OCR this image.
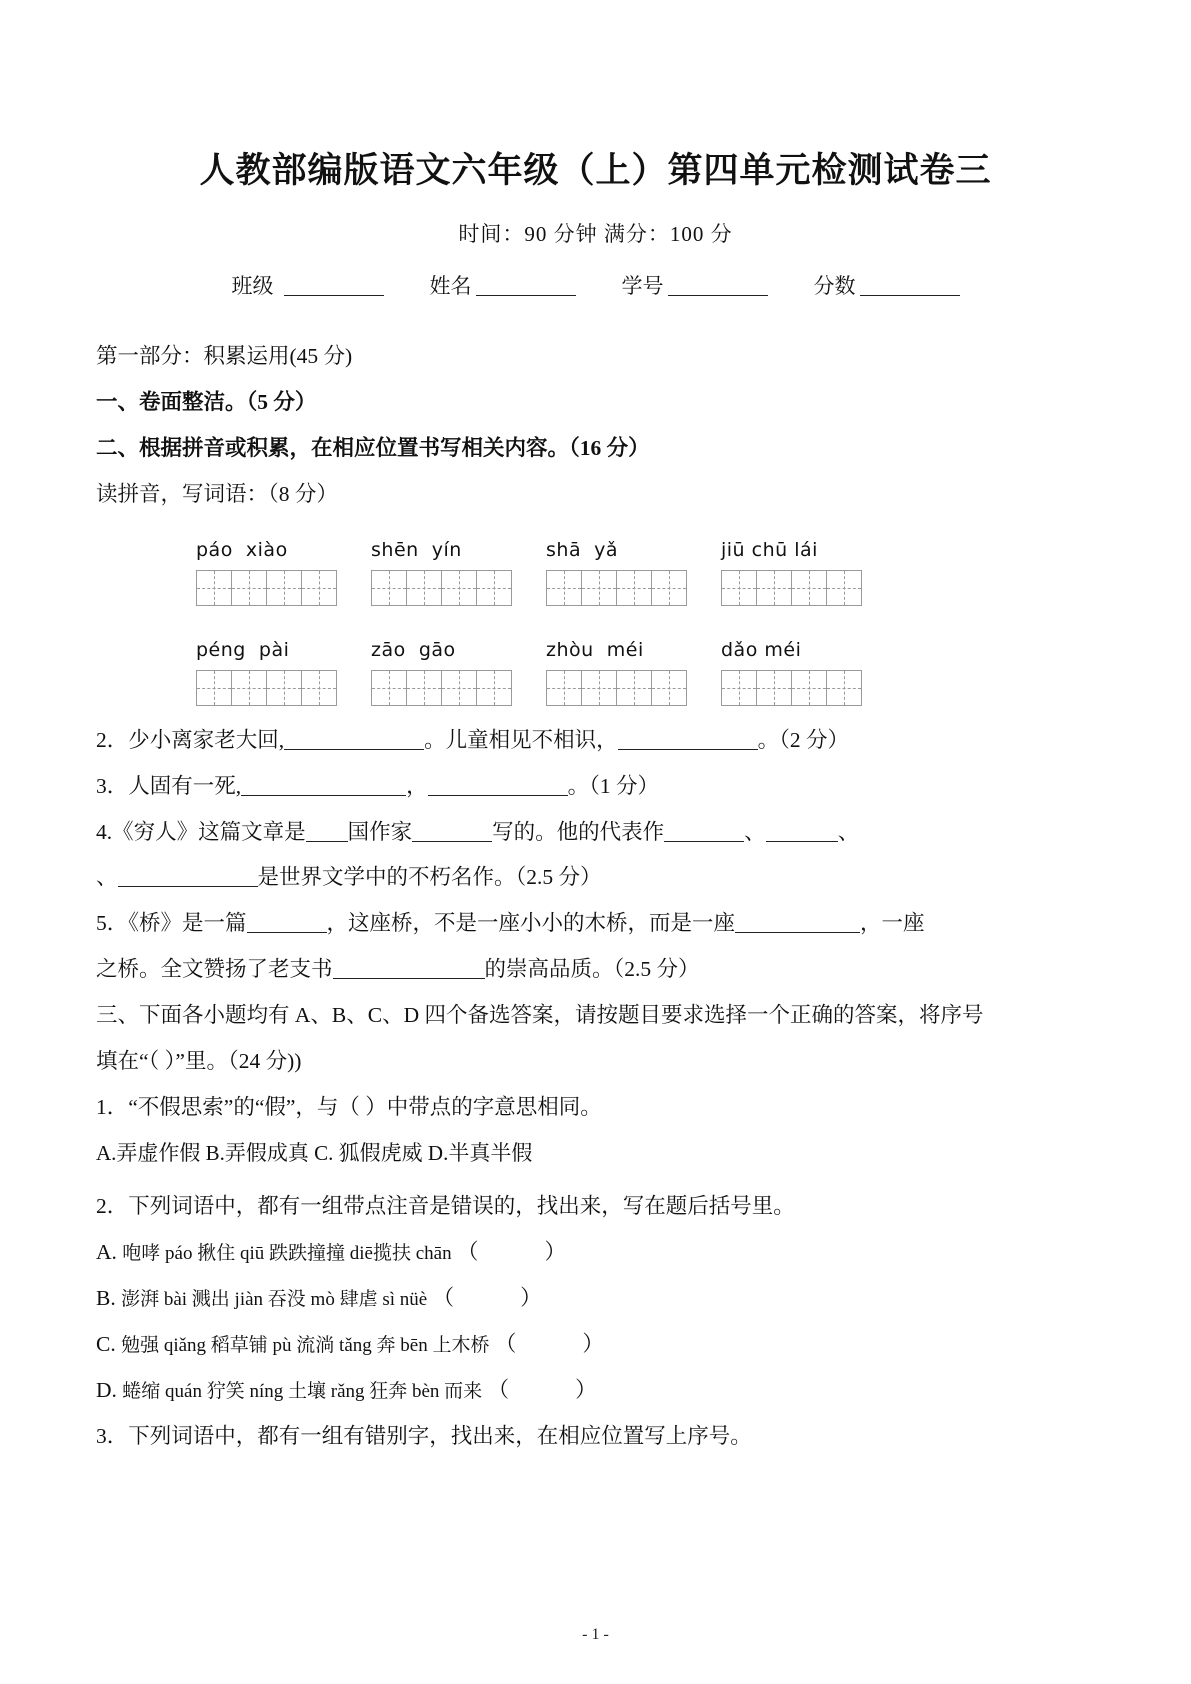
人教部编版语文六年级（上）第四单元检测试卷三
时间：90 分钟 满分：100 分
班级	姓名	学号	分数

第一部分：积累运用(45 分)

一、卷面整洁。（5 分）

二、根据拼音或积累，在相应位置书写相关内容。（16 分）

读拼音，写词语：（8 分）

páo  xiào	shēn  yín	shā  yǎ	jiū chū lái
péng  pài	zāo  gāo	zhòu  méi	dǎo méi

2．少小离家老大回,	。儿童相见不相识，	。（2 分）

3．人固有一死,	，	。（1 分）

4.《穷人》这篇文章是 国作家	写的。他的代表作	、	、

、	是世界文学中的不朽名作。（2.5 分）

5．《桥》是一篇	，这座桥，不是一座小小的木桥，而是一座	，一座

之桥。全文赞扬了老支书	的崇高品质。（2.5 分）

三、下面各小题均有 A、B、C、D 四个备选答案，请按题目要求选择一个正确的答案，将序号

填在“（ ）”里。（24 分))

1．“不假思索”的“假”，与（ ）中带点的字意思相同。

A.弄虚作假 B.弄假成真 C. 狐假虎威 D.半真半假

2．下列词语中，都有一组带点注音是错误的，找出来，写在题后括号里。

A. 咆哮 páo 揪住 qiū 跌跌撞撞 diē揽扶 chān （	）

B. 澎湃 bài 溅出 jiàn 吞没 mò 肆虐 sì nüè （	）

C. 勉强 qiǎng 稻草铺 pù 流淌 tǎng 奔 bēn 上木桥 （	）

D. 蜷缩 quán 狞笑 níng 土壤 rǎng 狂奔 bèn 而来 （	）

3．下列词语中，都有一组有错别字，找出来，在相应位置写上序号。

- 1 -
